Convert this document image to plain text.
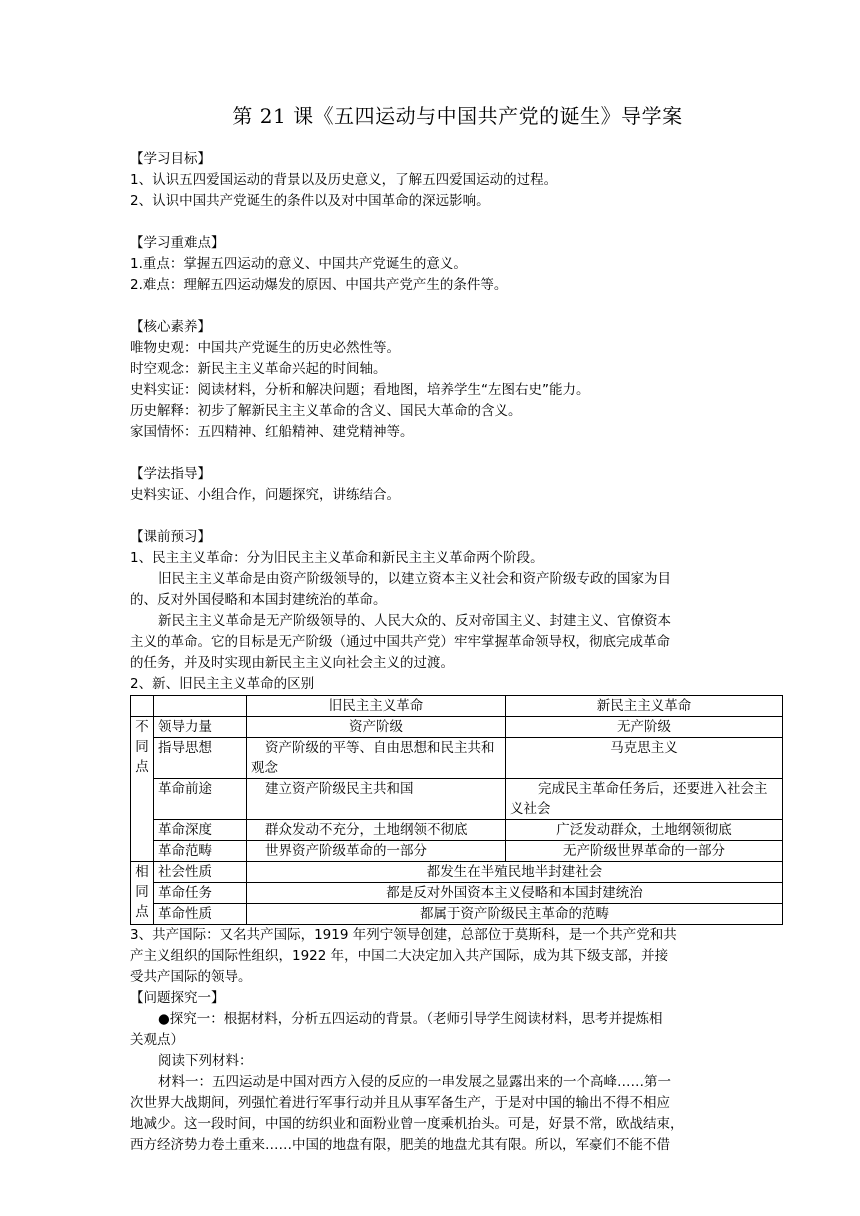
第 21 课《五四运动与中国共产党的诞生》导学案
【学习目标】
1、认识五四爱国运动的背景以及历史意义，了解五四爱国运动的过程。
2、认识中国共产党诞生的条件以及对中国革命的深远影响。
【学习重难点】
1.重点：掌握五四运动的意义、中国共产党诞生的意义。
2.难点：理解五四运动爆发的原因、中国共产党产生的条件等。
【核心素养】
唯物史观：中国共产党诞生的历史必然性等。
时空观念：新民主主义革命兴起的时间轴。
史料实证：阅读材料，分析和解决问题；看地图，培养学生“左图右史”能力。
历史解释：初步了解新民主主义革命的含义、国民大革命的含义。
家国情怀：五四精神、红船精神、建党精神等。
【学法指导】
史料实证、小组合作，问题探究，讲练结合。
【课前预习】
1、民主主义革命：分为旧民主主义革命和新民主主义革命两个阶段。
旧民主主义革命是由资产阶级领导的，以建立资本主义社会和资产阶级专政的国家为目
的、反对外国侵略和本国封建统治的革命。
新民主主义革命是无产阶级领导的、人民大众的、反对帝国主义、封建主义、官僚资本
主义的革命。它的目标是无产阶级（通过中国共产党）牢牢掌握革命领导权，彻底完成革命
的任务，并及时实现由新民主主义向社会主义的过渡。
2、新、旧民主主义革命的区别
		旧民主主义革命	新民主主义革命
不同点	领导力量	资产阶级	无产阶级
	指导思想	资产阶级的平等、自由思想和民主共和观念	马克思主义
	革命前途	建立资产阶级民主共和国	完成民主革命任务后，还要进入社会主义社会
	革命深度	群众发动不充分，土地纲领不彻底	广泛发动群众，土地纲领彻底
	革命范畴	世界资产阶级革命的一部分	无产阶级世界革命的一部分
相同点	社会性质	都发生在半殖民地半封建社会	
	革命任务	都是反对外国资本主义侵略和本国封建统治	
	革命性质	都属于资产阶级民主革命的范畴	
3、共产国际：又名共产国际，1919 年列宁领导创建，总部位于莫斯科，是一个共产党和共
产主义组织的国际性组织，1922 年，中国二大决定加入共产国际，成为其下级支部，并接
受共产国际的领导。
【问题探究一】
●探究一：根据材料，分析五四运动的背景。（老师引导学生阅读材料，思考并提炼相
关观点）
阅读下列材料：
材料一：五四运动是中国对西方入侵的反应的一串发展之显露出来的一个高峰……第一
次世界大战期间，列强忙着进行军事行动并且从事军备生产，于是对中国的输出不得不相应
地减少。这一段时间，中国的纺织业和面粉业曾一度乘机抬头。可是，好景不常，欧战结束，
西方经济势力卷土重来……中国的地盘有限，肥美的地盘尤其有限。所以，军豪们不能不借
